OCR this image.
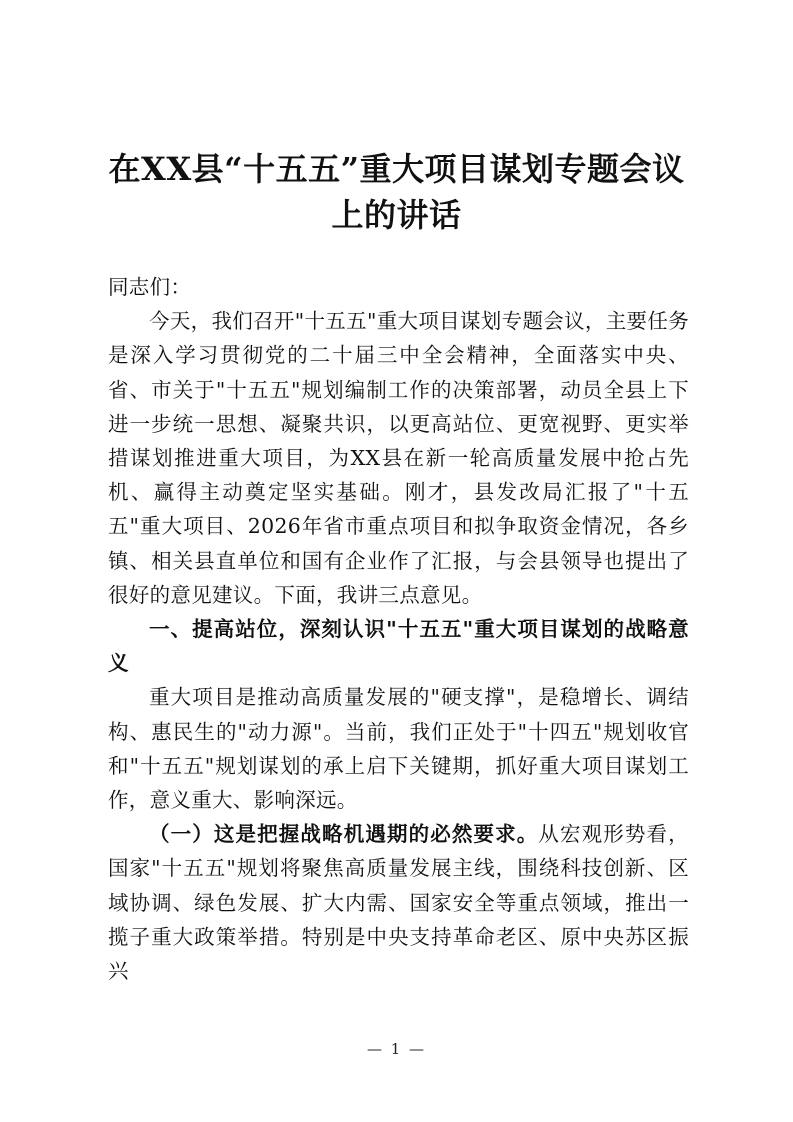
在XX县“十五五”重大项目谋划专题会议上的讲话

同志们：

今天，我们召开"十五五"重大项目谋划专题会议，主要任务是深入学习贯彻党的二十届三中全会精神，全面落实中央、省、市关于"十五五"规划编制工作的决策部署，动员全县上下进一步统一思想、凝聚共识，以更高站位、更宽视野、更实举措谋划推进重大项目，为XX县在新一轮高质量发展中抢占先机、赢得主动奠定坚实基础。刚才，县发改局汇报了"十五五"重大项目、2026年省市重点项目和拟争取资金情况，各乡镇、相关县直单位和国有企业作了汇报，与会县领导也提出了很好的意见建议。下面，我讲三点意见。

一、提高站位，深刻认识"十五五"重大项目谋划的战略意义

重大项目是推动高质量发展的"硬支撑"，是稳增长、调结构、惠民生的"动力源"。当前，我们正处于"十四五"规划收官和"十五五"规划谋划的承上启下关键期，抓好重大项目谋划工作，意义重大、影响深远。

（一）这是把握战略机遇期的必然要求。从宏观形势看，国家"十五五"规划将聚焦高质量发展主线，围绕科技创新、区域协调、绿色发展、扩大内需、国家安全等重点领域，推出一揽子重大政策举措。特别是中央支持革命老区、原中央苏区振兴

— 1 —
